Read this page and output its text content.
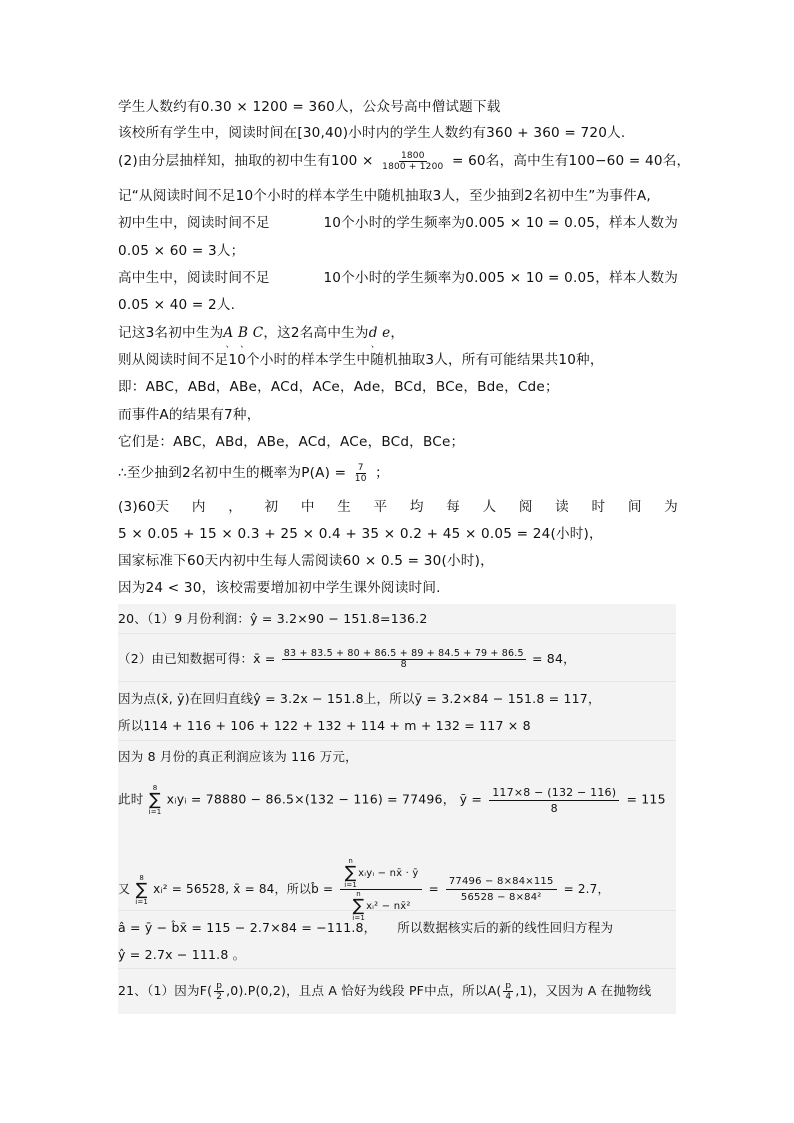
学生人数约有0.30 × 1200 = 360人，公众号高中僧试题下载
该校所有学生中，阅读时间在[30,40)小时内的学生人数约有360 + 360 = 720人.
(2)由分层抽样知，抽取的初中生有$100 \times \frac{1800}{1800 + 1200} = 60$名，高中生有100−60 = 40名，
记“从阅读时间不足10个小时的样本学生中随机抽取3人，至少抽到2名初中生”为事件A,
初中生中，阅读时间不足	10个小时的学生频率为0.005 × 10 = 0.05，样本人数为
0.05 × 60 = 3人；
高中生中，阅读时间不足	10个小时的学生频率为0.005 × 10 = 0.05，样本人数为
0.05 × 40 = 2人.
记这3名初中生为A 、 B 、 C，这2名高中生为d 、 e，
则从阅读时间不足10个小时的样本学生中随机抽取3人，所有可能结果共10种，
即：ABC，ABd，ABe，ACd，ACe，Ade，BCd，BCe，Bde，Cde；
而事件A的结果有7种，
它们是：ABC，ABd，ABe，ACd，ACe，BCd，BCe；
∴至少抽到2名初中生的概率为$P(A) = \frac{7}{10}$ ；
(3)60天 内 ， 初 中 生 平 均 每 人 阅 读 时 间 为
5 × 0.05 + 15 × 0.3 + 25 × 0.4 + 35 × 0.2 + 45 × 0.05 = 24(小时)，
国家标准下60天内初中生每人需阅读60 × 0.5 = 30(小时)，
因为24 < 30，该校需要增加初中学生课外阅读时间.
20、（1）9 月份利润：ŷ = 3.2×90 − 151.8=136.2
（2）由已知数据可得：x̄ = $\frac{83 + 83.5 + 80 + 86.5 + 89 + 84.5 + 79 + 86.5}{8} = 84$，
因为点(x̄, ȳ)在回归直线ŷ = 3.2x − 151.8上，所以ȳ = 3.2×84 − 151.8 = 117，
所以114 + 116 + 106 + 122 + 132 + 114 + m + 132 = 117 × 8
因为 8 月份的真正利润应该为 116 万元，
此时
8
∑
i=1
xᵢyᵢ = 78880 − 86.5×(132 − 116) = 77496， ȳ = $\frac{117\times 8 - (132 - 116)}{8} = 115$
又
8
∑
i=1
xᵢ² = 56528, x̄ = 84，所以b̂ = n
∑
i=1
xᵢyᵢ − nx̄ · ȳ
n
∑
i=1
xᵢ² − nx̄² = $\frac{77496 - 8\times 84\times 115}{\text{56528 − 8×84²}} = 2.7$，
â = ȳ − b̂x̄ = 115 − 2.7×84 = −111.8， 所以数据核实后的新的线性回归方程为
ŷ = 2.7x − 111.8 。
21、（1）因为$F( \frac{p}{2} ,0).P(0,2)$，且点 A 恰好为线段 PF中点，所以$A( \frac{p}{4} ,1)$，又因为 A 在抛物线
